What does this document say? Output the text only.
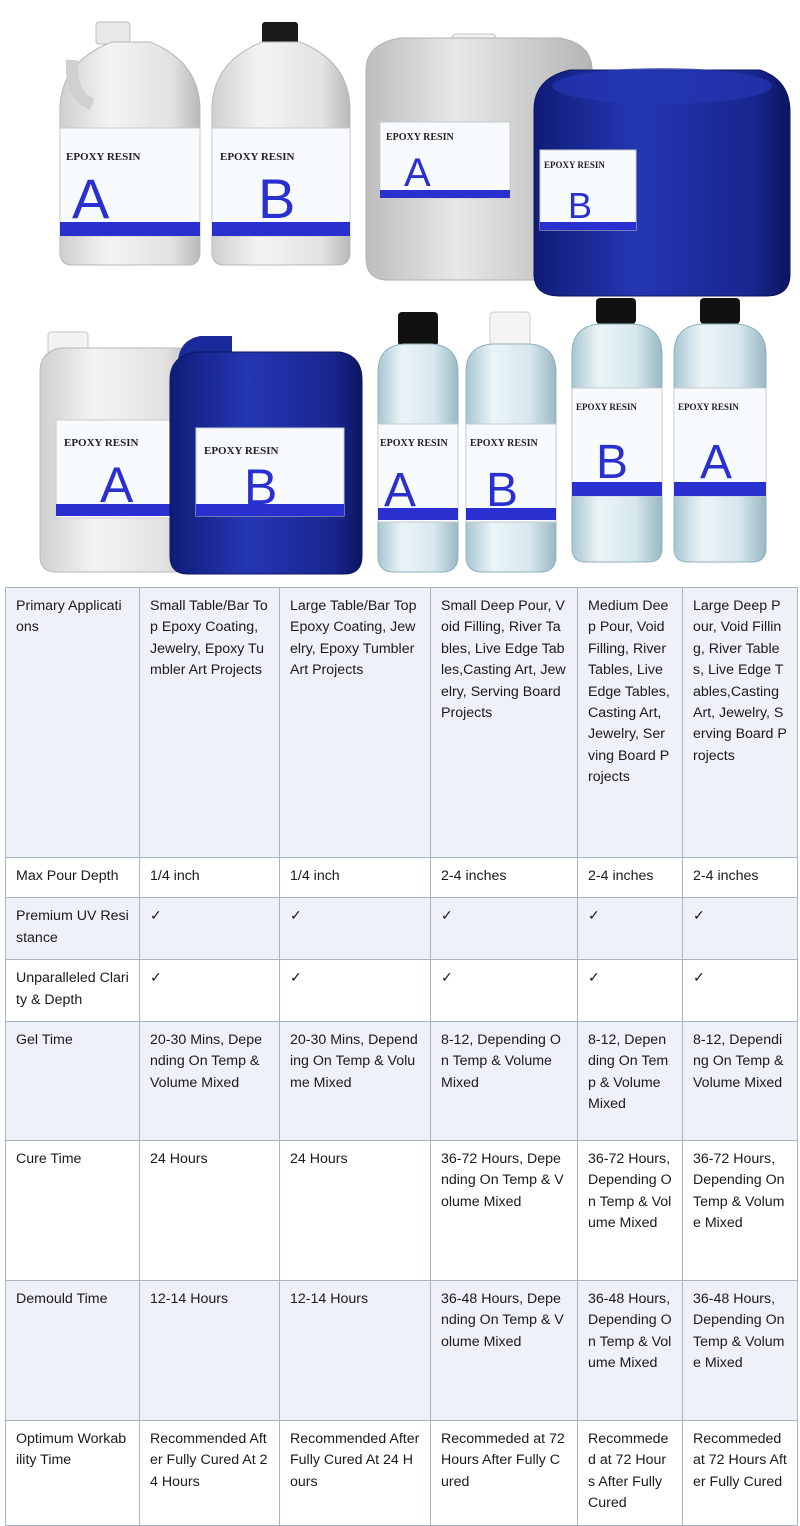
EPOXY RESIN
A
EPOXY RESIN
B
EPOXY RESIN
A	EPOXY RESIN
B
EPOXY RESIN
A
EPOXY RESIN
B
EPOXY RESIN
A
EPOXY RESIN
B
EPOXY RESIN
B
EPOXY RESIN
A
Primary Applications	Small Table/Bar Top Epoxy Coating, Jewelry, Epoxy Tumbler Art Projects	Large Table/Bar Top Epoxy Coating, Jewelry, Epoxy Tumbler Art Projects	Small Deep Pour, Void Filling, River Tables, Live Edge Tables,Casting Art, Jewelry, Serving Board Projects	Medium Deep Pour, Void Filling, River Tables, Live Edge Tables,Casting Art, Jewelry, Serving Board Projects	Large Deep Pour, Void Filling, River Tables, Live Edge Tables,Casting Art, Jewelry, Serving Board Projects
Max Pour Depth	1/4 inch	1/4 inch	2-4 inches	2-4 inches	2-4 inches
Premium UV Resistance	✓	✓	✓	✓	✓
Unparalleled Clarity & Depth	✓	✓	✓	✓	✓
Gel Time	20-30 Mins, Depending On Temp & Volume Mixed	20-30 Mins, Depending On Temp & Volume Mixed	8-12, Depending On Temp & Volume Mixed	8-12, Depending On Temp & Volume Mixed	8-12, Depending On Temp & Volume Mixed
Cure Time	24 Hours	24 Hours	36-72 Hours, Depending On Temp & Volume Mixed	36-72 Hours, Depending On Temp & Volume Mixed	36-72 Hours, Depending On Temp & Volume Mixed
Demould Time	12-14 Hours	12-14 Hours	36-48 Hours, Depending On Temp & Volume Mixed	36-48 Hours, Depending On Temp & Volume Mixed	36-48 Hours, Depending On Temp & Volume Mixed
Optimum Workability Time	Recommended After Fully Cured At 24 Hours	Recommended After Fully Cured At 24 Hours	Recommeded at 72 Hours After Fully Cured	Recommeded at 72 Hours After Fully Cured	Recommeded at 72 Hours After Fully Cured
